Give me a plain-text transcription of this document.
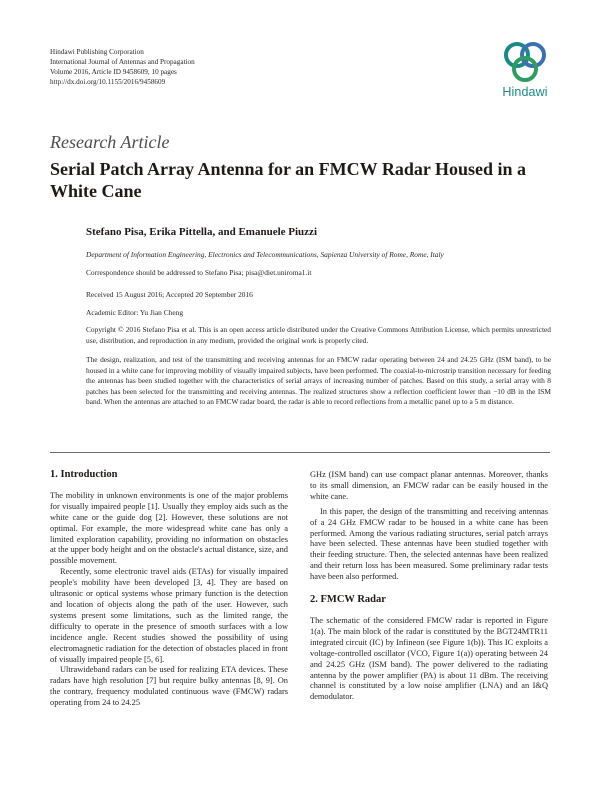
Hindawi Publishing Corporation
International Journal of Antennas and Propagation
Volume 2016, Article ID 9458609, 10 pages
http://dx.doi.org/10.1155/2016/9458609
Hindawi
Research Article
Serial Patch Array Antenna for an FMCW Radar Housed in a White Cane
Stefano Pisa, Erika Pittella, and Emanuele Piuzzi
Department of Information Engineering, Electronics and Telecommunications, Sapienza University of Rome, Rome, Italy
Correspondence should be addressed to Stefano Pisa; pisa@diet.uniroma1.it
Received 15 August 2016; Accepted 20 September 2016
Academic Editor: Yu Jian Cheng
Copyright © 2016 Stefano Pisa et al. This is an open access article distributed under the Creative Commons Attribution License, which permits unrestricted use, distribution, and reproduction in any medium, provided the original work is properly cited.
The design, realization, and test of the transmitting and receiving antennas for an FMCW radar operating between 24 and 24.25 GHz (ISM band), to be housed in a white cane for improving mobility of visually impaired subjects, have been performed. The coaxial-to-microstrip transition necessary for feeding the antennas has been studied together with the characteristics of serial arrays of increasing number of patches. Based on this study, a serial array with 8 patches has been selected for the transmitting and receiving antennas. The realized structures show a reflection coefficient lower than −10 dB in the ISM band. When the antennas are attached to an FMCW radar board, the radar is able to record reflections from a metallic panel up to a 5 m distance.
1. Introduction

The mobility in unknown environments is one of the major problems for visually impaired people [1]. Usually they employ aids such as the white cane or the guide dog [2]. However, these solutions are not optimal. For example, the more widespread white cane has only a limited exploration capability, providing no information on obstacles at the upper body height and on the obstacle's actual distance, size, and possible movement.

Recently, some electronic travel aids (ETAs) for visually impaired people's mobility have been developed [3, 4]. They are based on ultrasonic or optical systems whose primary function is the detection and location of objects along the path of the user. However, such systems present some limitations, such as the limited range, the difficulty to operate in the presence of smooth surfaces with a low incidence angle. Recent studies showed the possibility of using electromagnetic radiation for the detection of obstacles placed in front of visually impaired people [5, 6].

Ultrawideband radars can be used for realizing ETA devices. These radars have high resolution [7] but require bulky antennas [8, 9]. On the contrary, frequency modulated continuous wave (FMCW) radars operating from 24 to 24.25

GHz (ISM band) can use compact planar antennas. Moreover, thanks to its small dimension, an FMCW radar can be easily housed in the white cane.

In this paper, the design of the transmitting and receiving antennas of a 24 GHz FMCW radar to be housed in a white cane has been performed. Among the various radiating structures, serial patch arrays have been selected. These antennas have been studied together with their feeding structure. Then, the selected antennas have been realized and their return loss has been measured. Some preliminary radar tests have been also performed.

2. FMCW Radar

The schematic of the considered FMCW radar is reported in Figure 1(a). The main block of the radar is constituted by the BGT24MTR11 integrated circuit (IC) by Infineon (see Figure 1(b)). This IC exploits a voltage-controlled oscillator (VCO, Figure 1(a)) operating between 24 and 24.25 GHz (ISM band). The power delivered to the radiating antenna by the power amplifier (PA) is about 11 dBm. The receiving channel is constituted by a low noise amplifier (LNA) and an I&Q demodulator.
